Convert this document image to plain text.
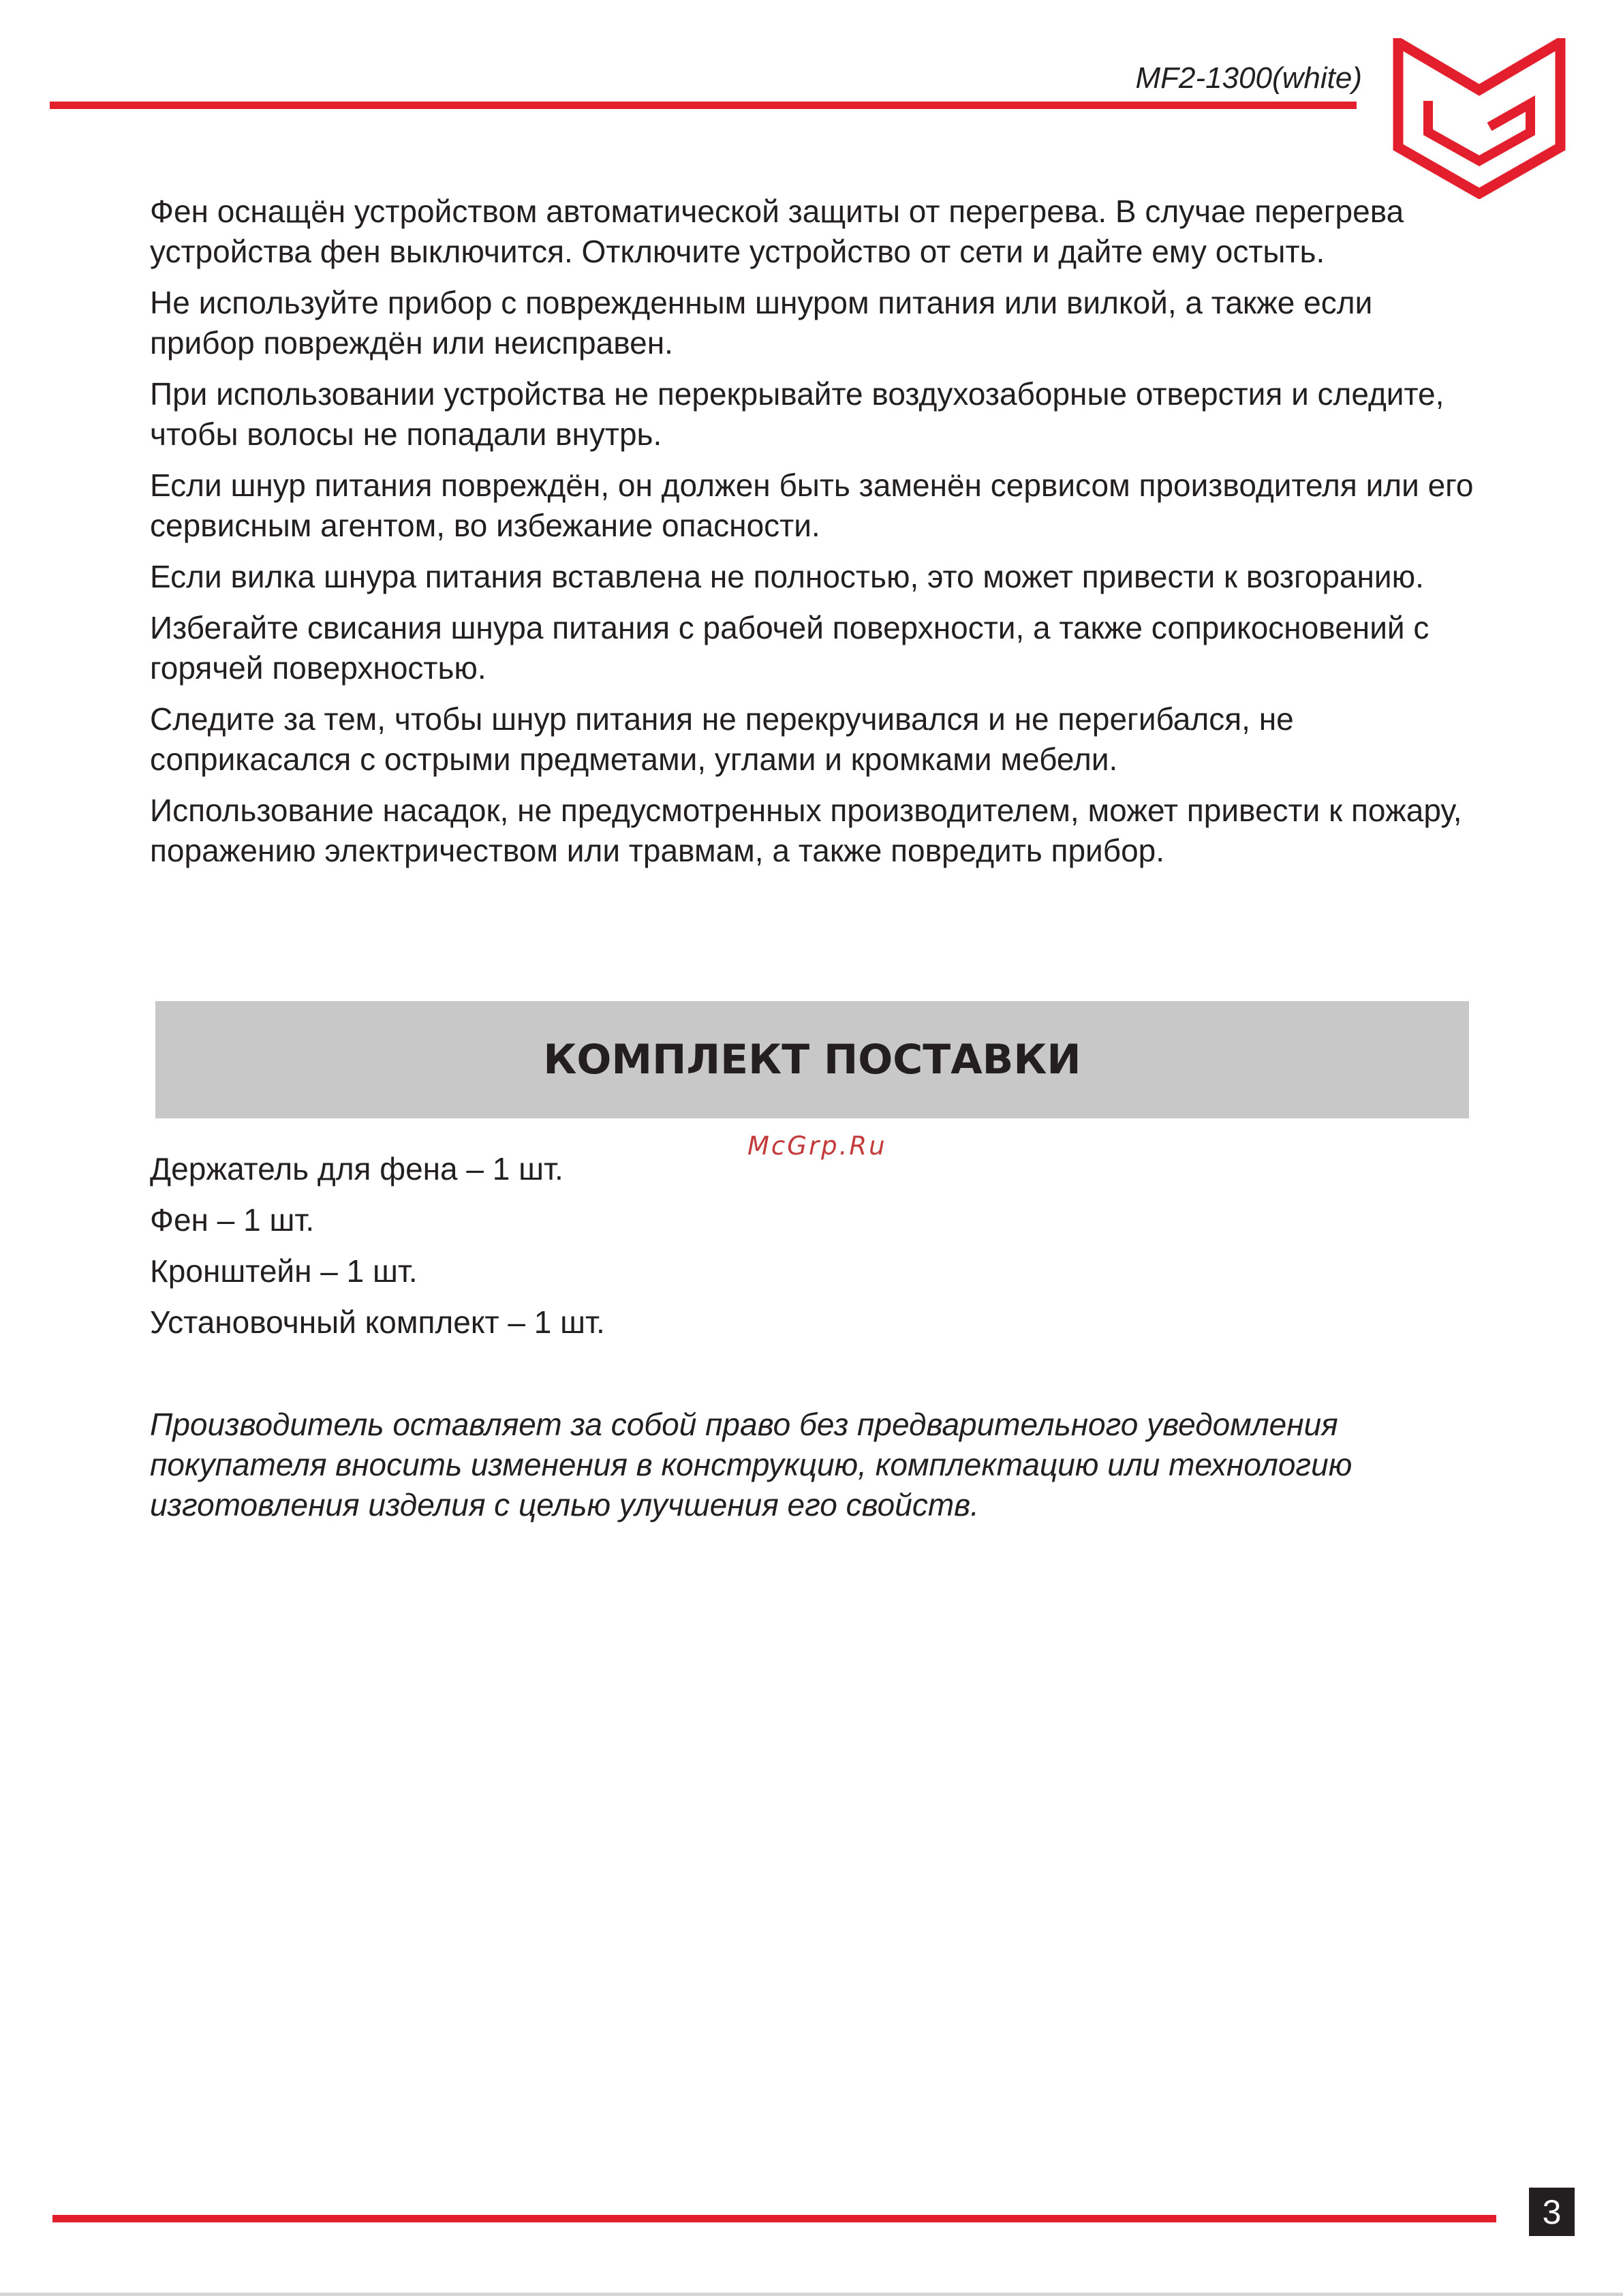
MF2-1300(white)

Фен оснащён устройством автоматической защиты от перегрева. В случае перегрева устройства фен выключится. Отключите устройство от сети и дайте ему остыть.

Не используйте прибор с поврежденным шнуром питания или вилкой, а также если прибор повреждён или неисправен.

При использовании устройства не перекрывайте воздухозаборные отверстия и следите, чтобы волосы не попадали внутрь.

Если шнур питания повреждён, он должен быть заменён сервисом производителя или его сервисным агентом, во избежание опасности.

Если вилка шнура питания вставлена не полностью, это может привести к возгоранию.

Избегайте свисания шнура питания с рабочей поверхности, а также соприкосновений с горячей поверхностью.

Следите за тем, чтобы шнур питания не перекручивался и не перегибался, не соприкасался с острыми предметами, углами и кромками мебели.

Использование насадок, не предусмотренных производителем, может привести к пожару, поражению электричеством или травмам, а также повредить прибор.

КОМПЛЕКТ ПОСТАВКИ
McGrp.Ru
Держатель для фена – 1 шт.
Фен – 1 шт.
Кронштейн – 1 шт.
Установочный комплект – 1 шт.
Производитель оставляет за собой право без предварительного уведомления покупателя вносить изменения в конструкцию, комплектацию или технологию изготовления изделия с целью улучшения его свойств.
3
